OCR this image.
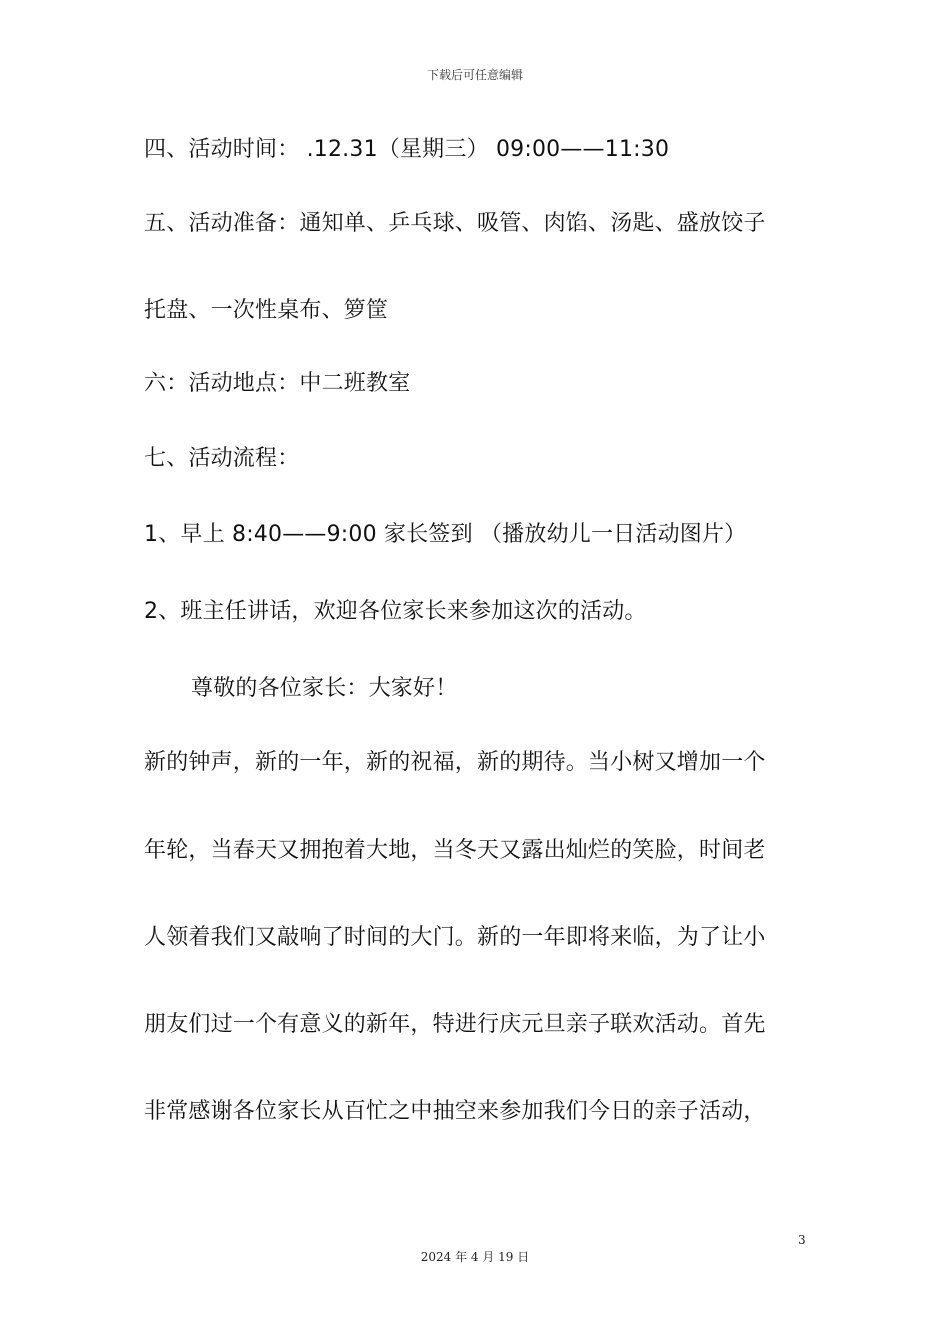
下载后可任意编辑
四、活动时间： .12.31（星期三） 09:00——11:30
五、活动准备：通知单、乒乓球、吸管、肉馅、汤匙、盛放饺子
托盘、一次性桌布、箩筐
六：活动地点：中二班教室
七、活动流程：
1、早上 8:40——9:00 家长签到 （播放幼儿一日活动图片）
2、班主任讲话，欢迎各位家长来参加这次的活动。
尊敬的各位家长：大家好！
新的钟声，新的一年，新的祝福，新的期待。当小树又增加一个
年轮，当春天又拥抱着大地，当冬天又露出灿烂的笑脸，时间老
人领着我们又敲响了时间的大门。新的一年即将来临，为了让小
朋友们过一个有意义的新年，特进行庆元旦亲子联欢活动。首先
非常感谢各位家长从百忙之中抽空来参加我们今日的亲子活动，
3
2024 年 4 月 19 日
